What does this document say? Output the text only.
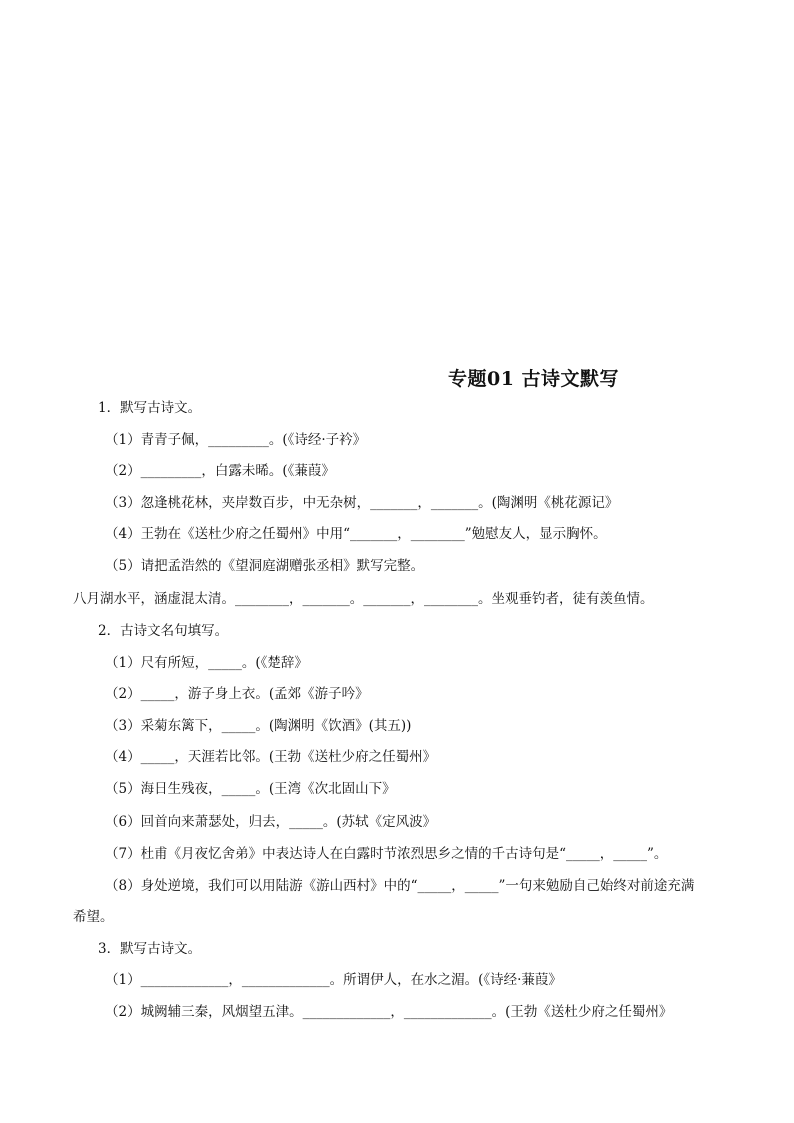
专题01 古诗文默写
1．默写古诗文。
（1）青青子佩，_________。(《诗经·子衿》
（2）_________，白露未晞。(《蒹葭》
（3）忽逢桃花林，夹岸数百步，中无杂树，_______，_______。(陶渊明《桃花源记》
（4）王勃在《送杜少府之任蜀州》中用“_______，________”勉慰友人，显示胸怀。
（5）请把孟浩然的《望洞庭湖赠张丞相》默写完整。
八月湖水平，涵虚混太清。________，_______。_______，________。坐观垂钓者，徒有羡鱼情。
2．古诗文名句填写。
（1）尺有所短，_____。(《楚辞》
（2）_____，游子身上衣。(孟郊《游子吟》
（3）采菊东篱下，_____。(陶渊明《饮酒》(其五))
（4）_____，天涯若比邻。(王勃《送杜少府之任蜀州》
（5）海日生残夜，_____。(王湾《次北固山下》
（6）回首向来萧瑟处，归去，_____。(苏轼《定风波》
（7）杜甫《月夜忆舍弟》中表达诗人在白露时节浓烈思乡之情的千古诗句是“_____，_____”。
（8）身处逆境，我们可以用陆游《游山西村》中的“_____，_____”一句来勉励自己始终对前途充满
希望。
3．默写古诗文。
（1）_____________，_____________。所谓伊人，在水之湄。(《诗经·蒹葭》
（2）城阙辅三秦，风烟望五津。_____________，_____________。(王勃《送杜少府之任蜀州》
